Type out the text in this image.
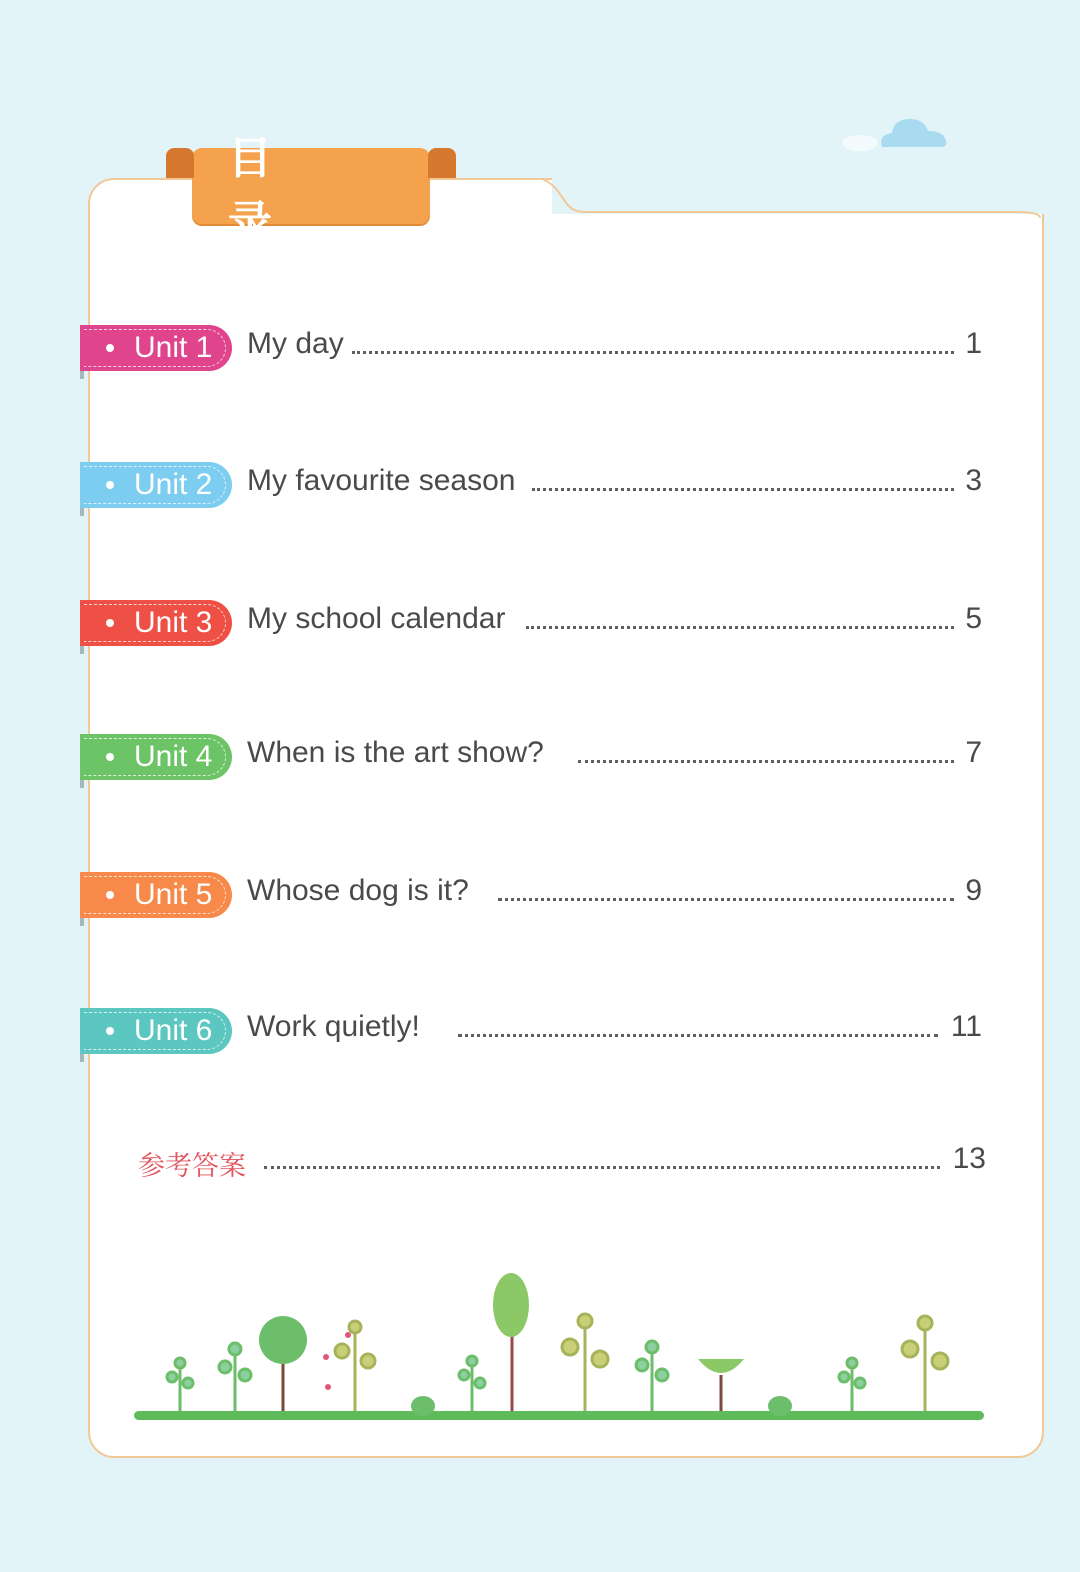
目 录
Unit 1 My day	1
Unit 2 My favourite season	3
Unit 3 My school calendar	5
Unit 4 When is the art show?	7
Unit 5 Whose dog is it?	9
Unit 6 Work quietly!	11
参考答案	13
